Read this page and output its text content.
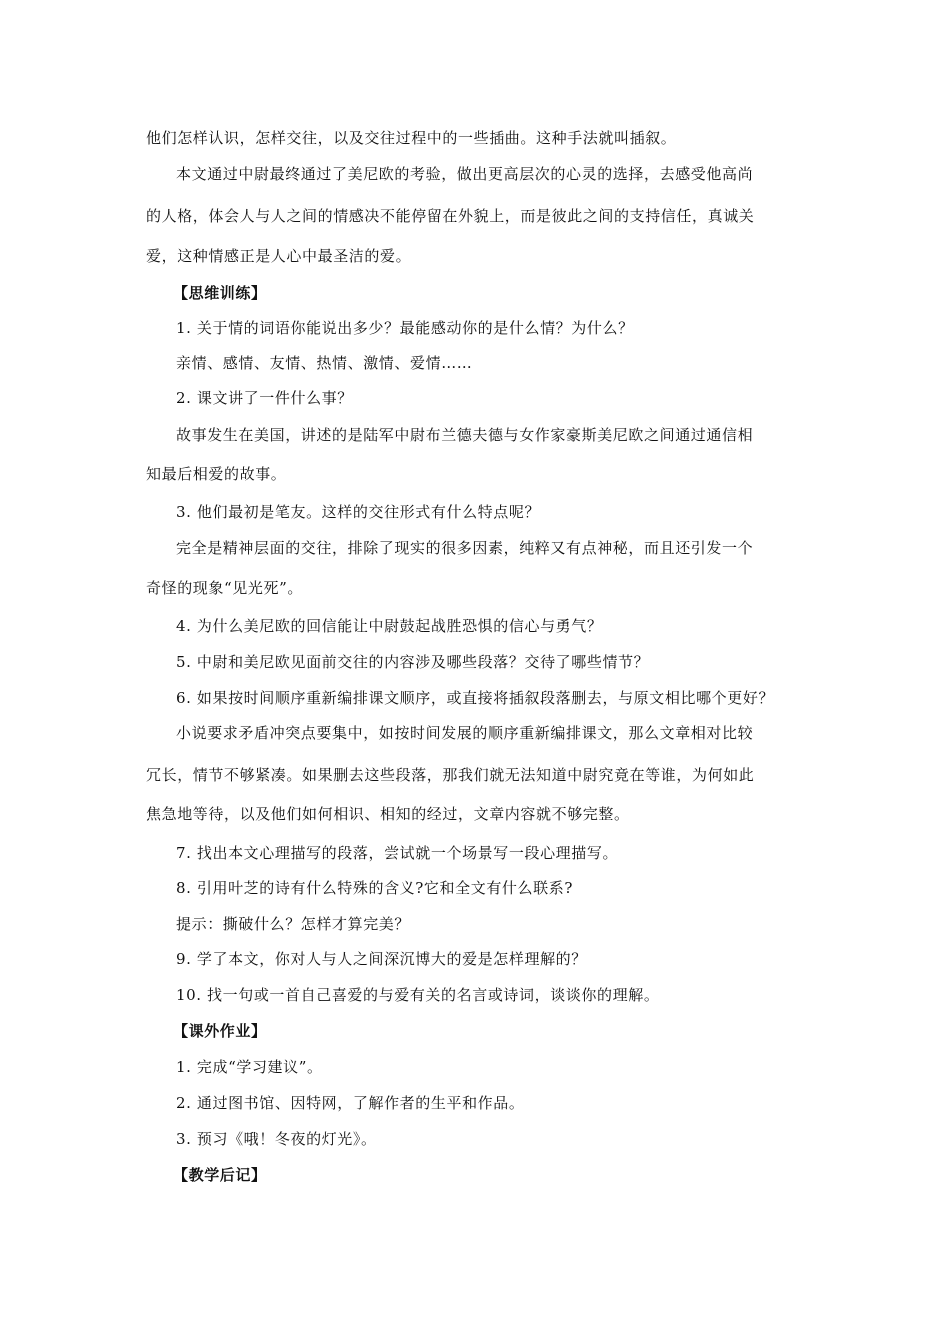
他们怎样认识，怎样交往，以及交往过程中的一些插曲。这种手法就叫插叙。
本文通过中尉最终通过了美尼欧的考验，做出更高层次的心灵的选择，去感受他高尚
的人格，体会人与人之间的情感决不能停留在外貌上，而是彼此之间的支持信任，真诚关
爱，这种情感正是人心中最圣洁的爱。
【思维训练】
1. 关于情的词语你能说出多少？最能感动你的是什么情？为什么？
亲情、感情、友情、热情、激情、爱情……
2. 课文讲了一件什么事？
故事发生在美国，讲述的是陆军中尉布兰德夫德与女作家豪斯美尼欧之间通过通信相
知最后相爱的故事。
3. 他们最初是笔友。这样的交往形式有什么特点呢？
完全是精神层面的交往，排除了现实的很多因素，纯粹又有点神秘，而且还引发一个
奇怪的现象“见光死”。
4. 为什么美尼欧的回信能让中尉鼓起战胜恐惧的信心与勇气？
5. 中尉和美尼欧见面前交往的内容涉及哪些段落？交待了哪些情节？
6. 如果按时间顺序重新编排课文顺序，或直接将插叙段落删去，与原文相比哪个更好？
小说要求矛盾冲突点要集中，如按时间发展的顺序重新编排课文，那么文章相对比较
冗长，情节不够紧凑。如果删去这些段落，那我们就无法知道中尉究竟在等谁，为何如此
焦急地等待，以及他们如何相识、相知的经过，文章内容就不够完整。
7. 找出本文心理描写的段落，尝试就一个场景写一段心理描写。
8. 引用叶芝的诗有什么特殊的含义?它和全文有什么联系?
提示：撕破什么？怎样才算完美？
9. 学了本文，你对人与人之间深沉博大的爱是怎样理解的？
10. 找一句或一首自己喜爱的与爱有关的名言或诗词，谈谈你的理解。
【课外作业】
1. 完成“学习建议”。
2. 通过图书馆、因特网，了解作者的生平和作品。
3. 预习《哦！冬夜的灯光》。
【教学后记】
